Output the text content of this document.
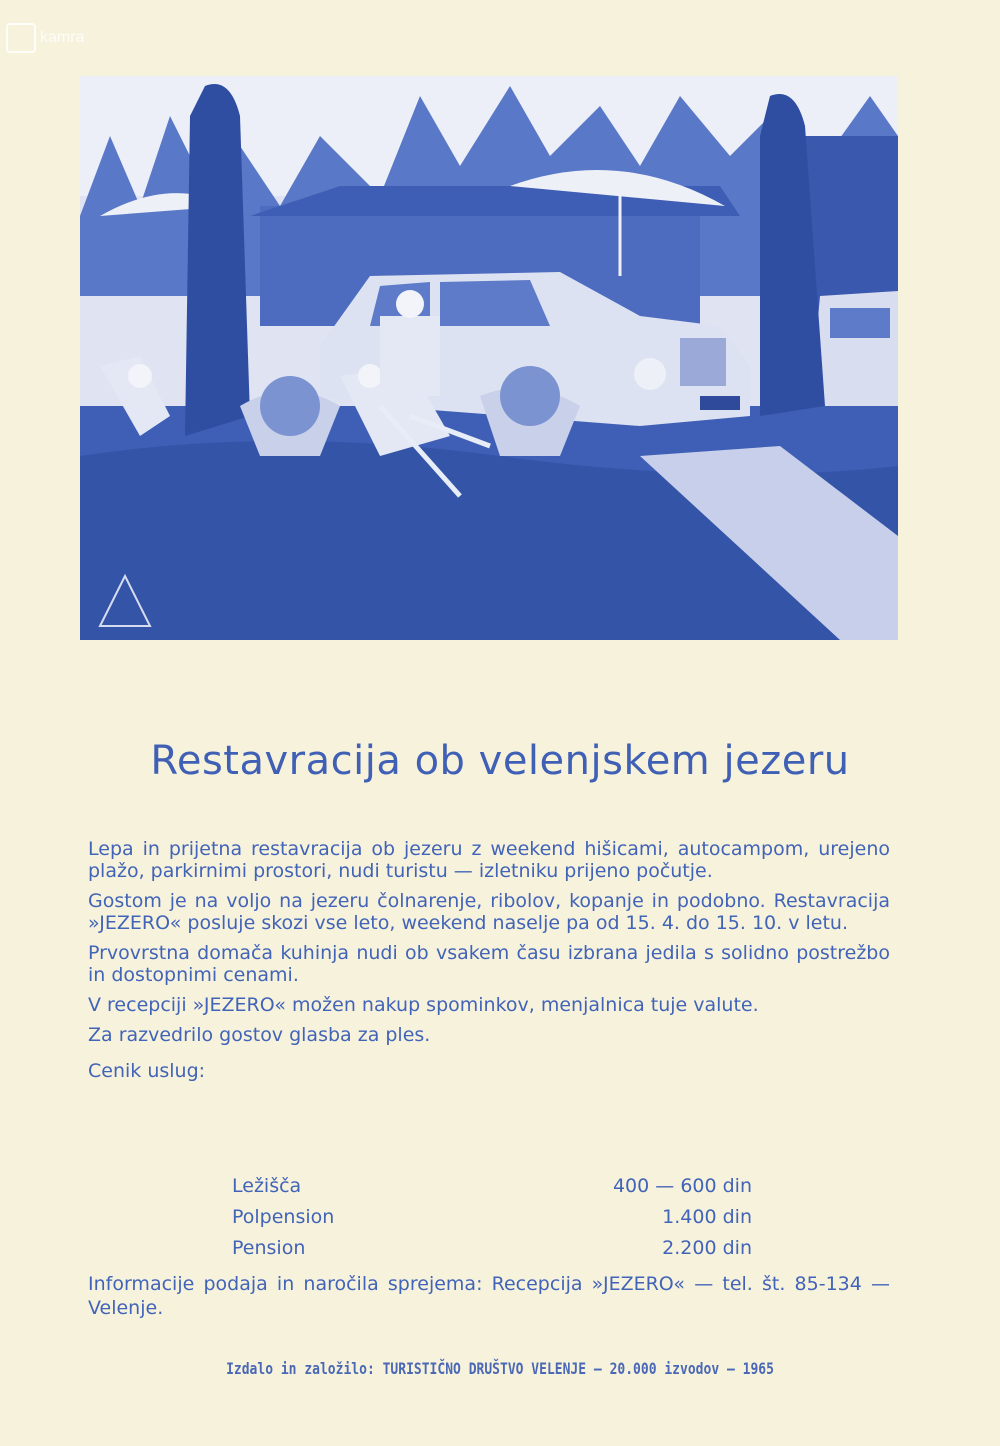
kamra
Restavracija ob velenjskem jezeru

Lepa in prijetna restavracija ob jezeru z weekend hišicami, autocampom, urejeno plažo, parkirnimi prostori, nudi turistu — izletniku prijeno počutje.

Gostom je na voljo na jezeru čolnarenje, ribolov, kopanje in podobno. Restavracija »JEZERO« posluje skozi vse leto, weekend naselje pa od 15. 4. do 15. 10. v letu.

Prvovrstna domača kuhinja nudi ob vsakem času izbrana jedila s solidno postrežbo in dostopnimi cenami.

V recepciji »JEZERO« možen nakup spominkov, menjalnica tuje valute.

Za razvedrilo gostov glasba za ples.

Cenik uslug:

Ležišča	400 — 600 din
Polpension	1.400 din
Pension	2.200 din
Informacije podaja in naročila sprejema: Recepcija »JEZERO« — tel. št. 85-134 — Velenje.
Izdalo in založilo: TURISTIČNO DRUŠTVO VELENJE — 20.000 izvodov — 1965
